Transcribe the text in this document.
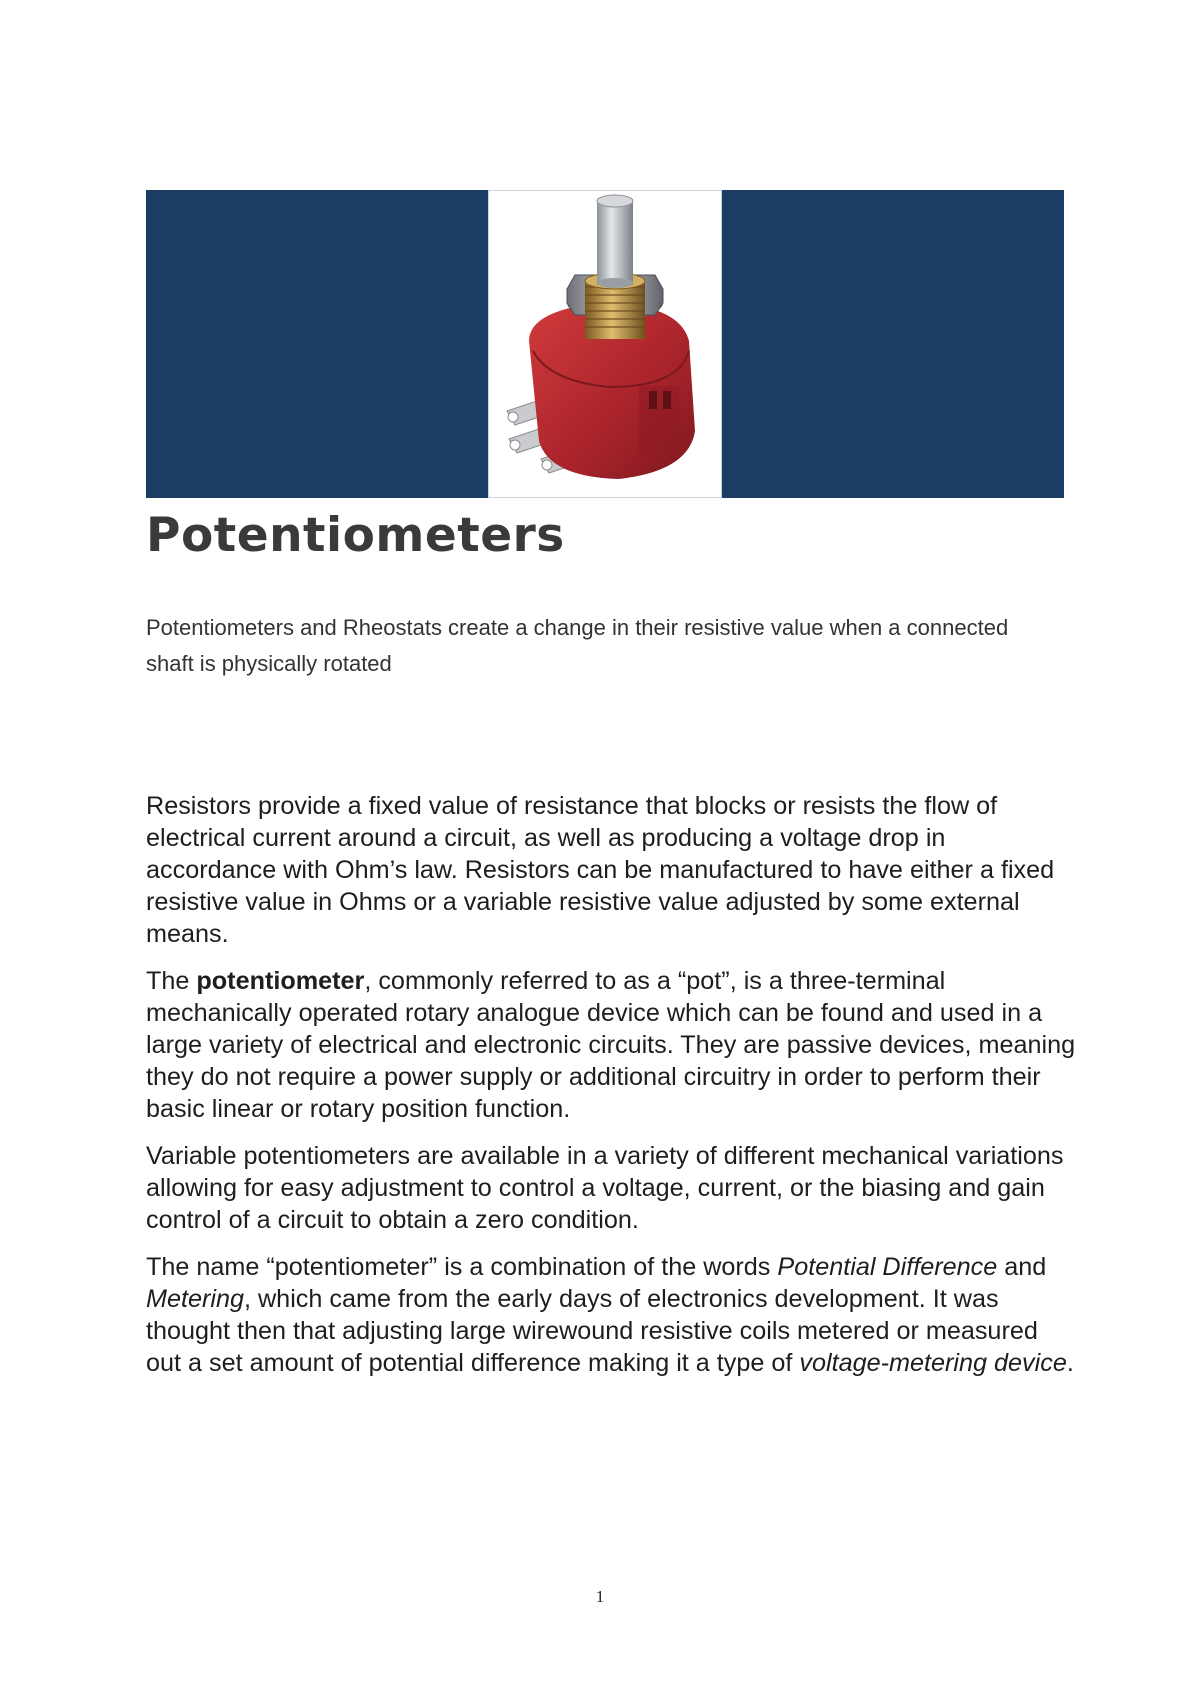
Potentiometers

Potentiometers and Rheostats create a change in their resistive value when a connected shaft is physically rotated

Resistors provide a fixed value of resistance that blocks or resists the flow of electrical current around a circuit, as well as producing a voltage drop in accordance with Ohm’s law. Resistors can be manufactured to have either a fixed resistive value in Ohms or a variable resistive value adjusted by some external means.

The potentiometer, commonly referred to as a “pot”, is a three-terminal mechanically operated rotary analogue device which can be found and used in a large variety of electrical and electronic circuits. They are passive devices, meaning they do not require a power supply or additional circuitry in order to perform their basic linear or rotary position function.

Variable potentiometers are available in a variety of different mechanical variations allowing for easy adjustment to control a voltage, current, or the biasing and gain control of a circuit to obtain a zero condition.

The name “potentiometer” is a combination of the words Potential Difference and Metering, which came from the early days of electronics development. It was thought then that adjusting large wirewound resistive coils metered or measured out a set amount of potential difference making it a type of voltage-metering device.

1
